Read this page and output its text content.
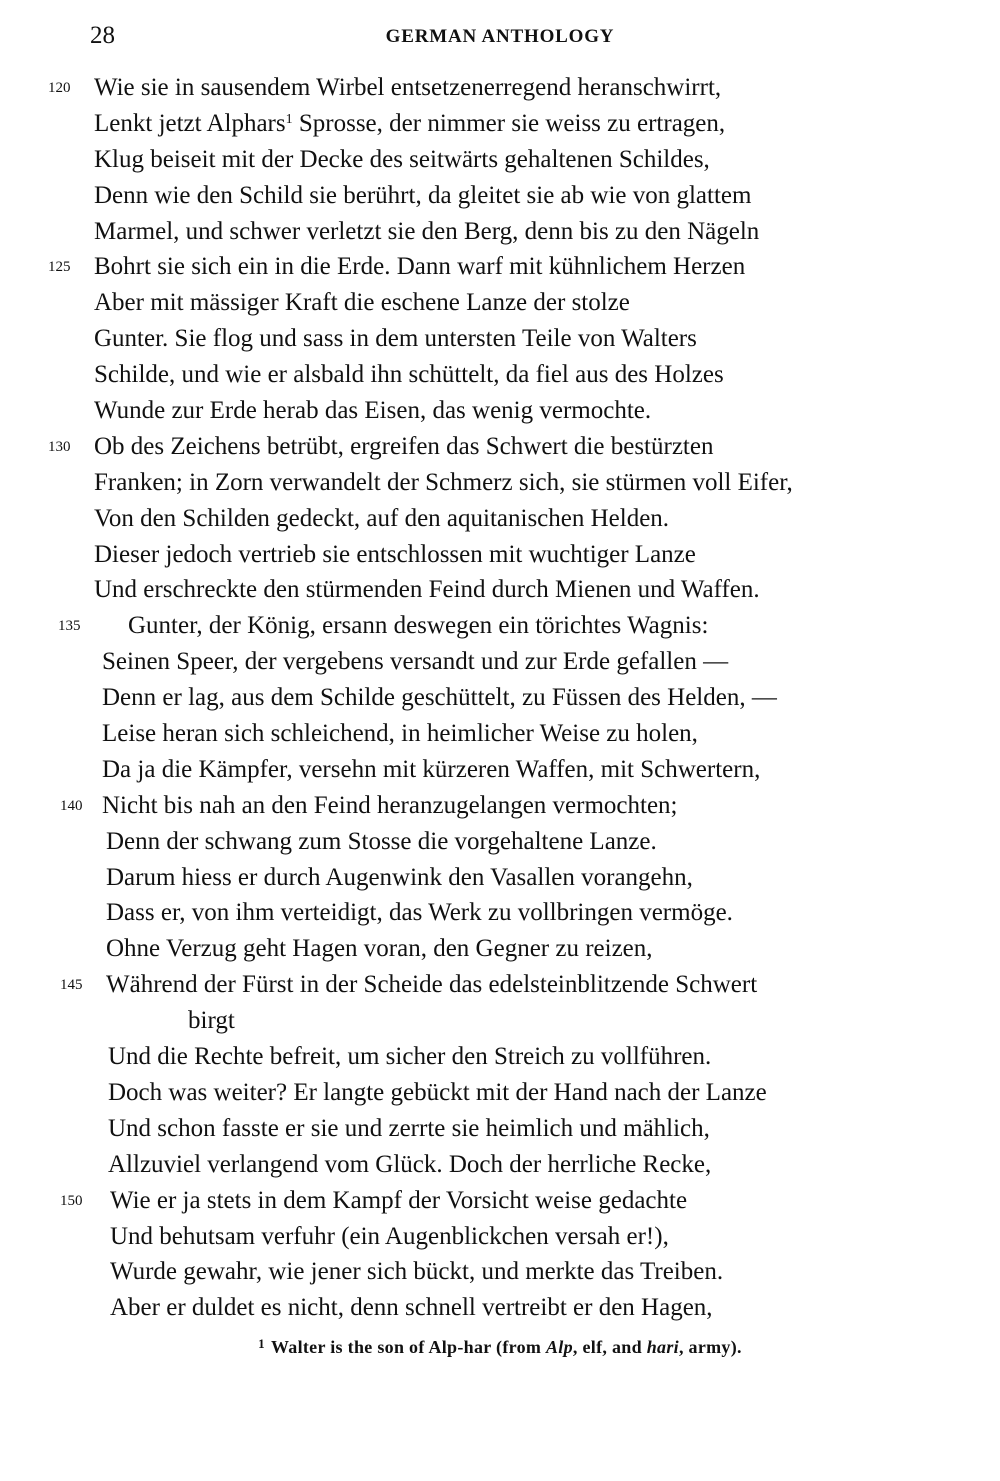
28	GERMAN ANTHOLOGY
120 Wie sie in sausendem Wirbel entsetzenerregend heranschwirrt,
Lenkt jetzt Alphars$^1$ Sprosse, der nimmer sie weiss zu ertragen,
Klug beiseit mit der Decke des seitwärts gehaltenen Schildes,
Denn wie den Schild sie berührt, da gleitet sie ab wie von glattem
Marmel, und schwer verletzt sie den Berg, denn bis zu den Nägeln
125 Bohrt sie sich ein in die Erde. Dann warf mit kühnlichem Herzen
Aber mit mässiger Kraft die eschene Lanze der stolze
Gunter. Sie flog und sass in dem untersten Teile von Walters
Schilde, und wie er alsbald ihn schüttelt, da fiel aus des Holzes
Wunde zur Erde herab das Eisen, das wenig vermochte.
130 Ob des Zeichens betrübt, ergreifen das Schwert die bestürzten
Franken; in Zorn verwandelt der Schmerz sich, sie stürmen voll Eifer,
Von den Schilden gedeckt, auf den aquitanischen Helden.
Dieser jedoch vertrieb sie entschlossen mit wuchtiger Lanze
Und erschreckte den stürmenden Feind durch Mienen und Waffen.
135 Gunter, der König, ersann deswegen ein törichtes Wagnis:
Seinen Speer, der vergebens versandt und zur Erde gefallen —
Denn er lag, aus dem Schilde geschüttelt, zu Füssen des Helden, —
Leise heran sich schleichend, in heimlicher Weise zu holen,
Da ja die Kämpfer, versehn mit kürzeren Waffen, mit Schwertern,
140 Nicht bis nah an den Feind heranzugelangen vermochten;
Denn der schwang zum Stosse die vorgehaltene Lanze.
Darum hiess er durch Augenwink den Vasallen vorangehn,
Dass er, von ihm verteidigt, das Werk zu vollbringen vermöge.
Ohne Verzug geht Hagen voran, den Gegner zu reizen,
145 Während der Fürst in der Scheide das edelsteinblitzende Schwert
birgt
Und die Rechte befreit, um sicher den Streich zu vollführen.
Doch was weiter? Er langte gebückt mit der Hand nach der Lanze
Und schon fasste er sie und zerrte sie heimlich und mählich,
Allzuviel verlangend vom Glück. Doch der herrliche Recke,
150 Wie er ja stets in dem Kampf der Vorsicht weise gedachte
Und behutsam verfuhr (ein Augenblickchen versah er!),
Wurde gewahr, wie jener sich bückt, und merkte das Treiben.
Aber er duldet es nicht, denn schnell vertreibt er den Hagen,
$^1$ Walter is the son of Alp-har (from Alp, elf, and hari, army).
